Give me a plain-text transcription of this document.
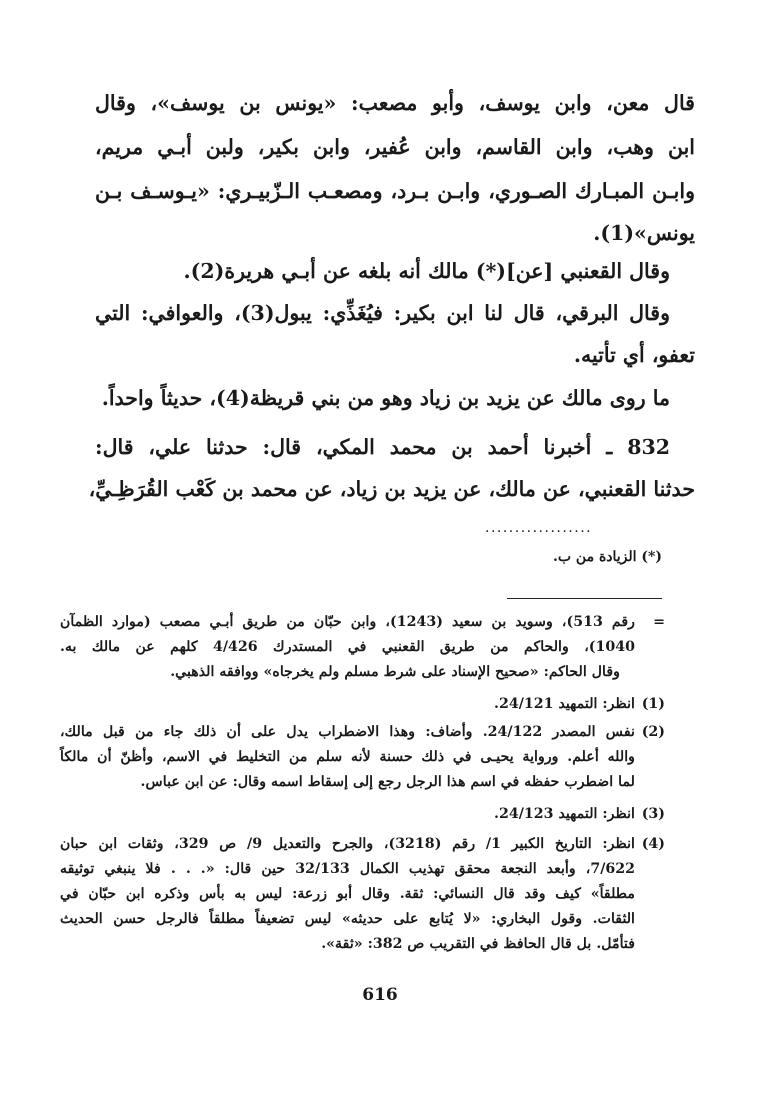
قال معن، وابن يوسف، وأبو مصعب: «يونس بن يوسف»، وقال
ابن وهب، وابن القاسم، وابن عُفير، وابن بكير، ولبن أبـي مريم،
وابـن المبـارك الصـوري، وابـن بـرد، ومصعـب الـزّبيـري: «يـوسـف بـن
يونس»(1).
وقال القعنبي [عن](*) مالك أنه بلغه عن أبـي هريرة(2).
وقال البرقي، قال لنا ابن بكير: فيُغَذِّي: يبول(3)، والعوافي: التي
تعفو، أي تأتيه.
ما روى مالك عن يزيد بن زياد وهو من بني قريظة(4)، حديثاً واحداً.
832 ـ أخبرنا أحمد بن محمد المكي، قال: حدثنا علي، قال:
حدثنا القعنبي، عن مالك، عن يزيد بن زياد، عن محمد بن كَعْب القُرَظِـيِّ،
..................
(*) الزيادة من ب.
=
رقم 513)، وسويد بن سعيد (1243)، وابن حبّان من طريق أبـي مصعب (موارد الظمآن
1040)، والحاكم من طريق القعنبي في المستدرك 4/426 كلهم عن مالك به.
وقال الحاكم: «صحيح الإسناد على شرط مسلم ولم يخرجاه» ووافقه الذهبي.
(1)
انظر: التمهيد 24/121.
(2)
نفس المصدر 24/122. وأضاف: وهذا الاضطراب يدل على أن ذلك جاء من قبل مالك،
والله أعلم. ورواية يحيـى في ذلك حسنة لأنه سلم من التخليط في الاسم، وأظنّ أن مالكاً
لما اضطرب حفظه في اسم هذا الرجل رجع إلى إسقاط اسمه وقال: عن ابن عباس.
(3)
انظر: التمهيد 24/123.
(4)
انظر: التاريخ الكبير 1/ رقم (3218)، والجرح والتعديل 9/ ص 329، وثقات ابن حبان
7/622، وأبعد النجعة محقق تهذيب الكمال 32/133 حين قال: «. . . فلا ينبغي توثيقه
مطلقاً» كيف وقد قال النسائي: ثقة. وقال أبو زرعة: ليس به بأس وذكره ابن حبّان في
الثقات. وقول البخاري: «لا يُتابع على حديثه» ليس تضعيفاً مطلقاً فالرجل حسن الحديث
فتأمّل. بل قال الحافظ في التقريب ص 382: «ثقة».
616
